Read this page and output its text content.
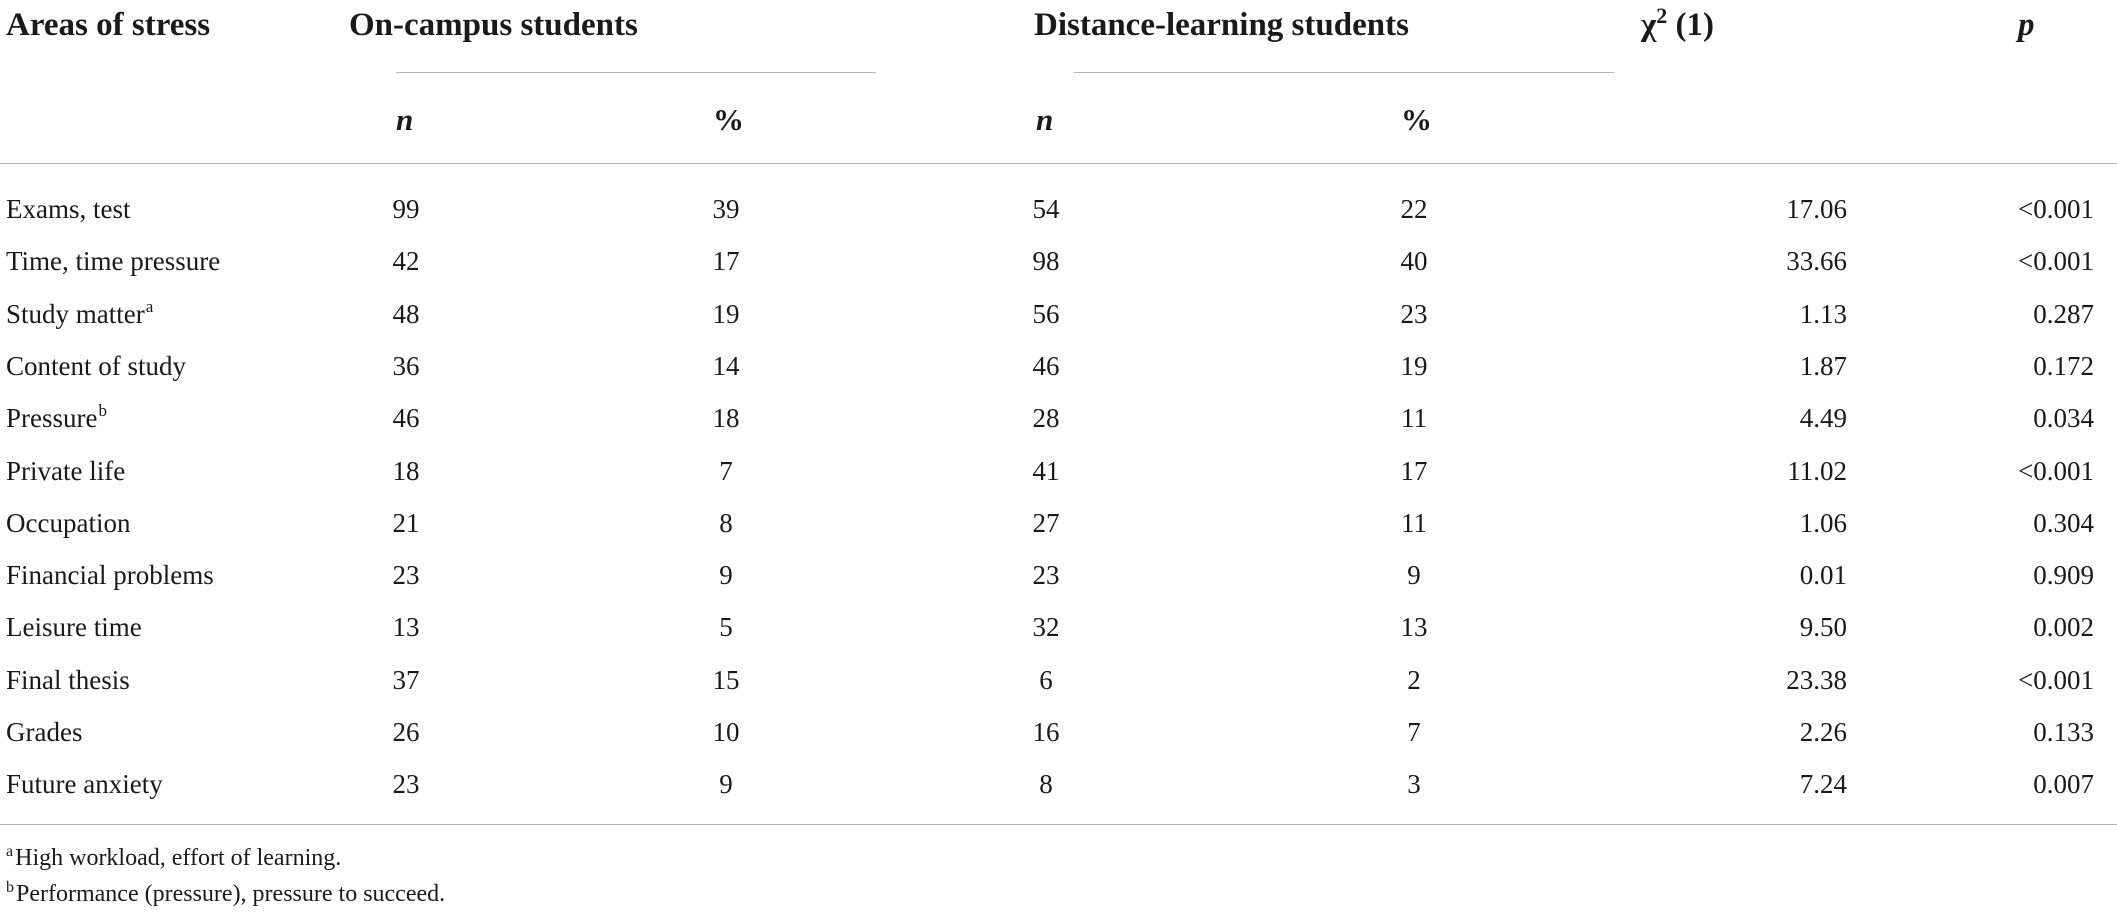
Areas of stress	On-campus students	Distance-learning students	$\chi^2$ (1)	p
n	%	n	%
Exams, test	99	39	54	22	17.06	<0.001
Time, time pressure	42	17	98	40	33.66	<0.001
Study matter$^a$	48	19	56	23	1.13	0.287
Content of study	36	14	46	19	1.87	0.172
Pressure$^b$	46	18	28	11	4.49	0.034
Private life	18	7	41	17	11.02	<0.001
Occupation	21	8	27	11	1.06	0.304
Financial problems	23	9	23	9	0.01	0.909
Leisure time	13	5	32	13	9.50	0.002
Final thesis	37	15	6	2	23.38	<0.001
Grades	26	10	16	7	2.26	0.133
Future anxiety	23	9	8	3	7.24	0.007
$^a$High workload, effort of learning.
$^b$Performance (pressure), pressure to succeed.
